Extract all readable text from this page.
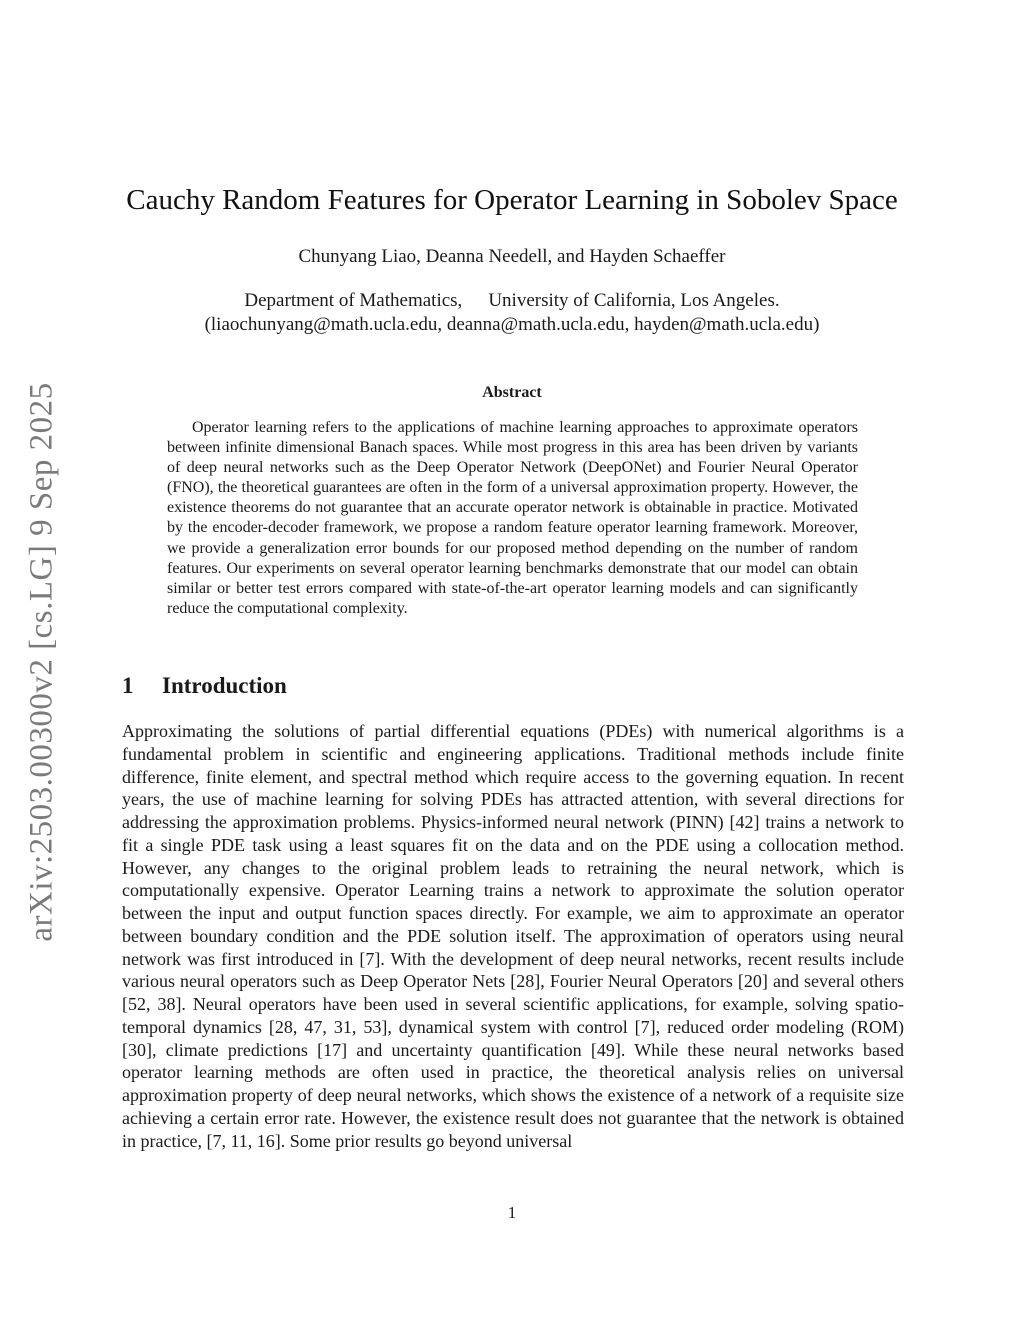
arXiv:2503.00300v2 [cs.LG] 9 Sep 2025
Cauchy Random Features for Operator Learning in Sobolev Space
Chunyang Liao, Deanna Needell, and Hayden Schaeffer
Department of Mathematics, University of California, Los Angeles.
(liaochunyang@math.ucla.edu, deanna@math.ucla.edu, hayden@math.ucla.edu)
Abstract

Operator learning refers to the applications of machine learning approaches to approximate operators between infinite dimensional Banach spaces. While most progress in this area has been driven by variants of deep neural networks such as the Deep Operator Network (DeepONet) and Fourier Neural Operator (FNO), the theoretical guarantees are often in the form of a universal approximation property. However, the existence theorems do not guarantee that an accurate operator network is obtainable in practice. Motivated by the encoder-decoder framework, we propose a random feature operator learning framework. Moreover, we provide a generalization error bounds for our proposed method depending on the number of random features. Our experiments on several operator learning benchmarks demonstrate that our model can obtain similar or better test errors compared with state-of-the-art operator learning models and can significantly reduce the computational complexity.

1 Introduction

Approximating the solutions of partial differential equations (PDEs) with numerical algorithms is a fundamental problem in scientific and engineering applications. Traditional methods include finite difference, finite element, and spectral method which require access to the governing equation. In recent years, the use of machine learning for solving PDEs has attracted attention, with several directions for addressing the approximation problems. Physics-informed neural network (PINN) [42] trains a network to fit a single PDE task using a least squares fit on the data and on the PDE using a collocation method. However, any changes to the original problem leads to retraining the neural network, which is computationally expensive. Operator Learning trains a network to approximate the solution operator between the input and output function spaces directly. For example, we aim to approximate an operator between boundary condition and the PDE solution itself. The approximation of operators using neural network was first introduced in [7]. With the development of deep neural networks, recent results include various neural operators such as Deep Operator Nets [28], Fourier Neural Operators [20] and several others [52, 38]. Neural operators have been used in several scientific applications, for example, solving spatio-temporal dynamics [28, 47, 31, 53], dynamical system with control [7], reduced order modeling (ROM) [30], climate predictions [17] and uncertainty quantification [49]. While these neural networks based operator learning methods are often used in practice, the theoretical analysis relies on universal approximation property of deep neural networks, which shows the existence of a network of a requisite size achieving a certain error rate. However, the existence result does not guarantee that the network is obtained in practice, [7, 11, 16]. Some prior results go beyond universal

1
